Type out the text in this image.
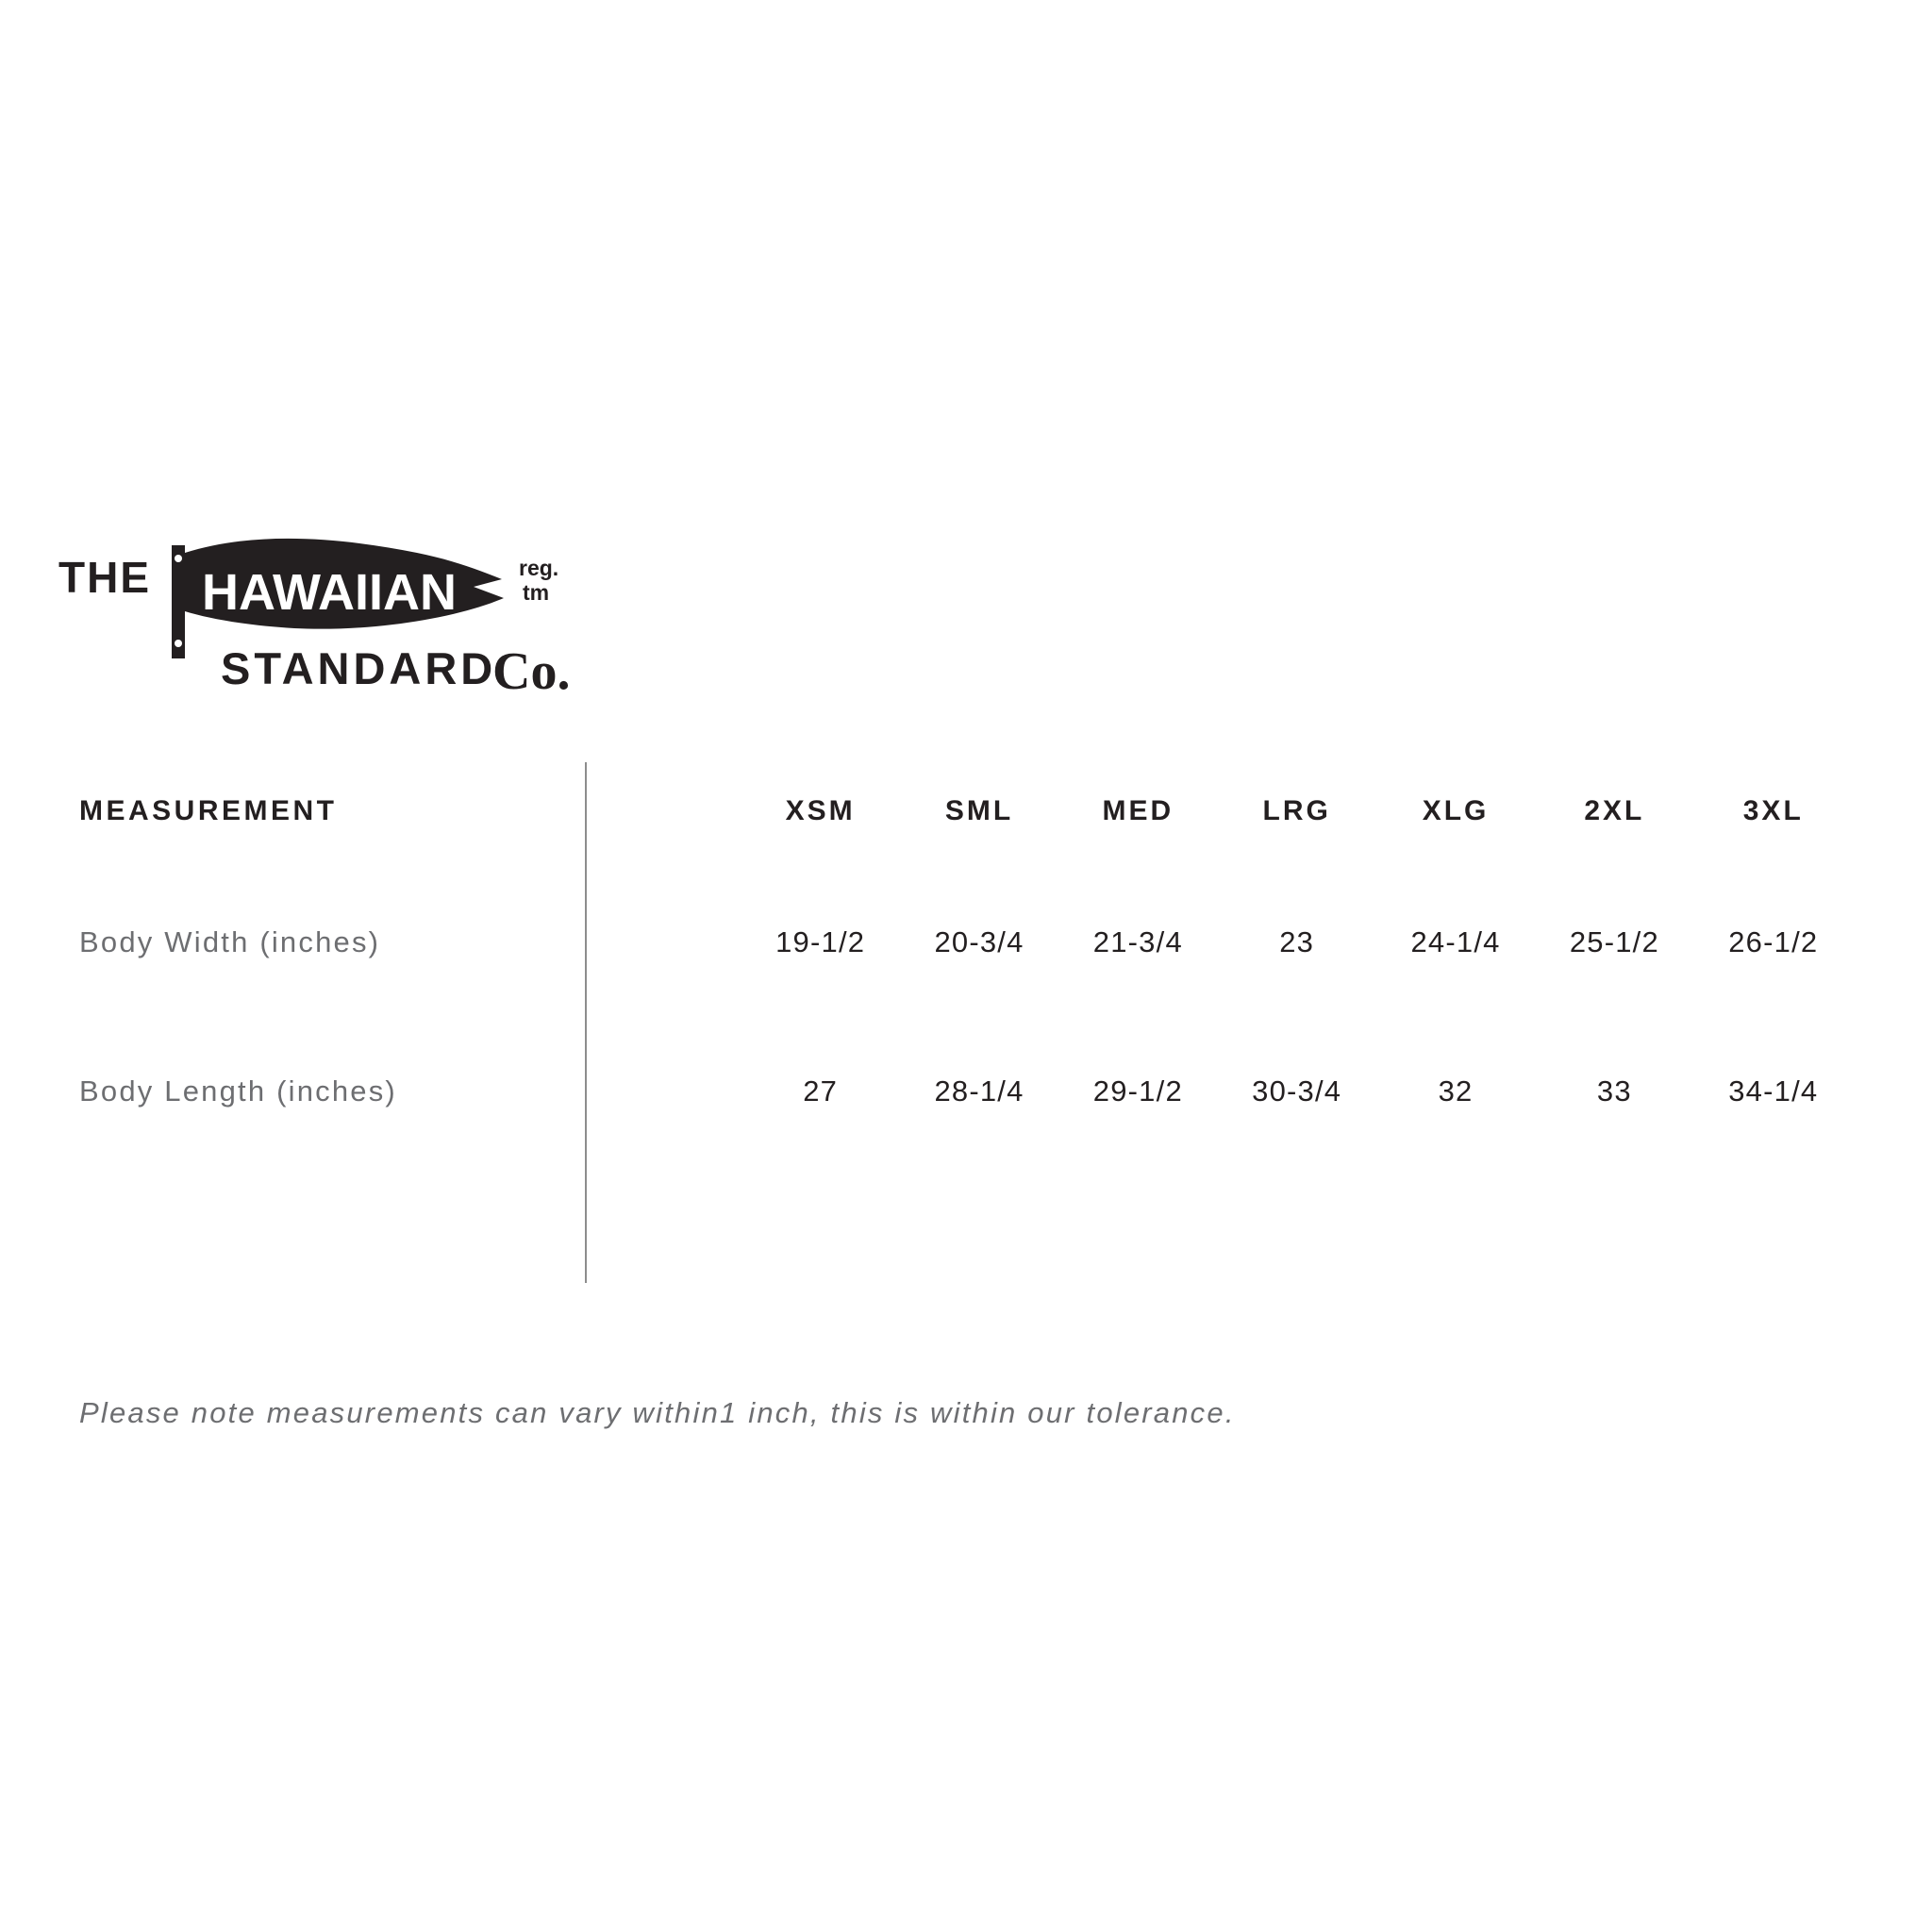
THE HAWAIIAN	reg.
tm
STANDARD
Co.
MEASUREMENT	XSM	SML	MED	LRG	XLG	2XL	3XL
Body Width (inches)	19-1/2	20-3/4	21-3/4	23	24-1/4	25-1/2	26-1/2
Body Length (inches)	27	28-1/4	29-1/2	30-3/4	32	33	34-1/4
Please note measurements can vary within1 inch, this is within our tolerance.
